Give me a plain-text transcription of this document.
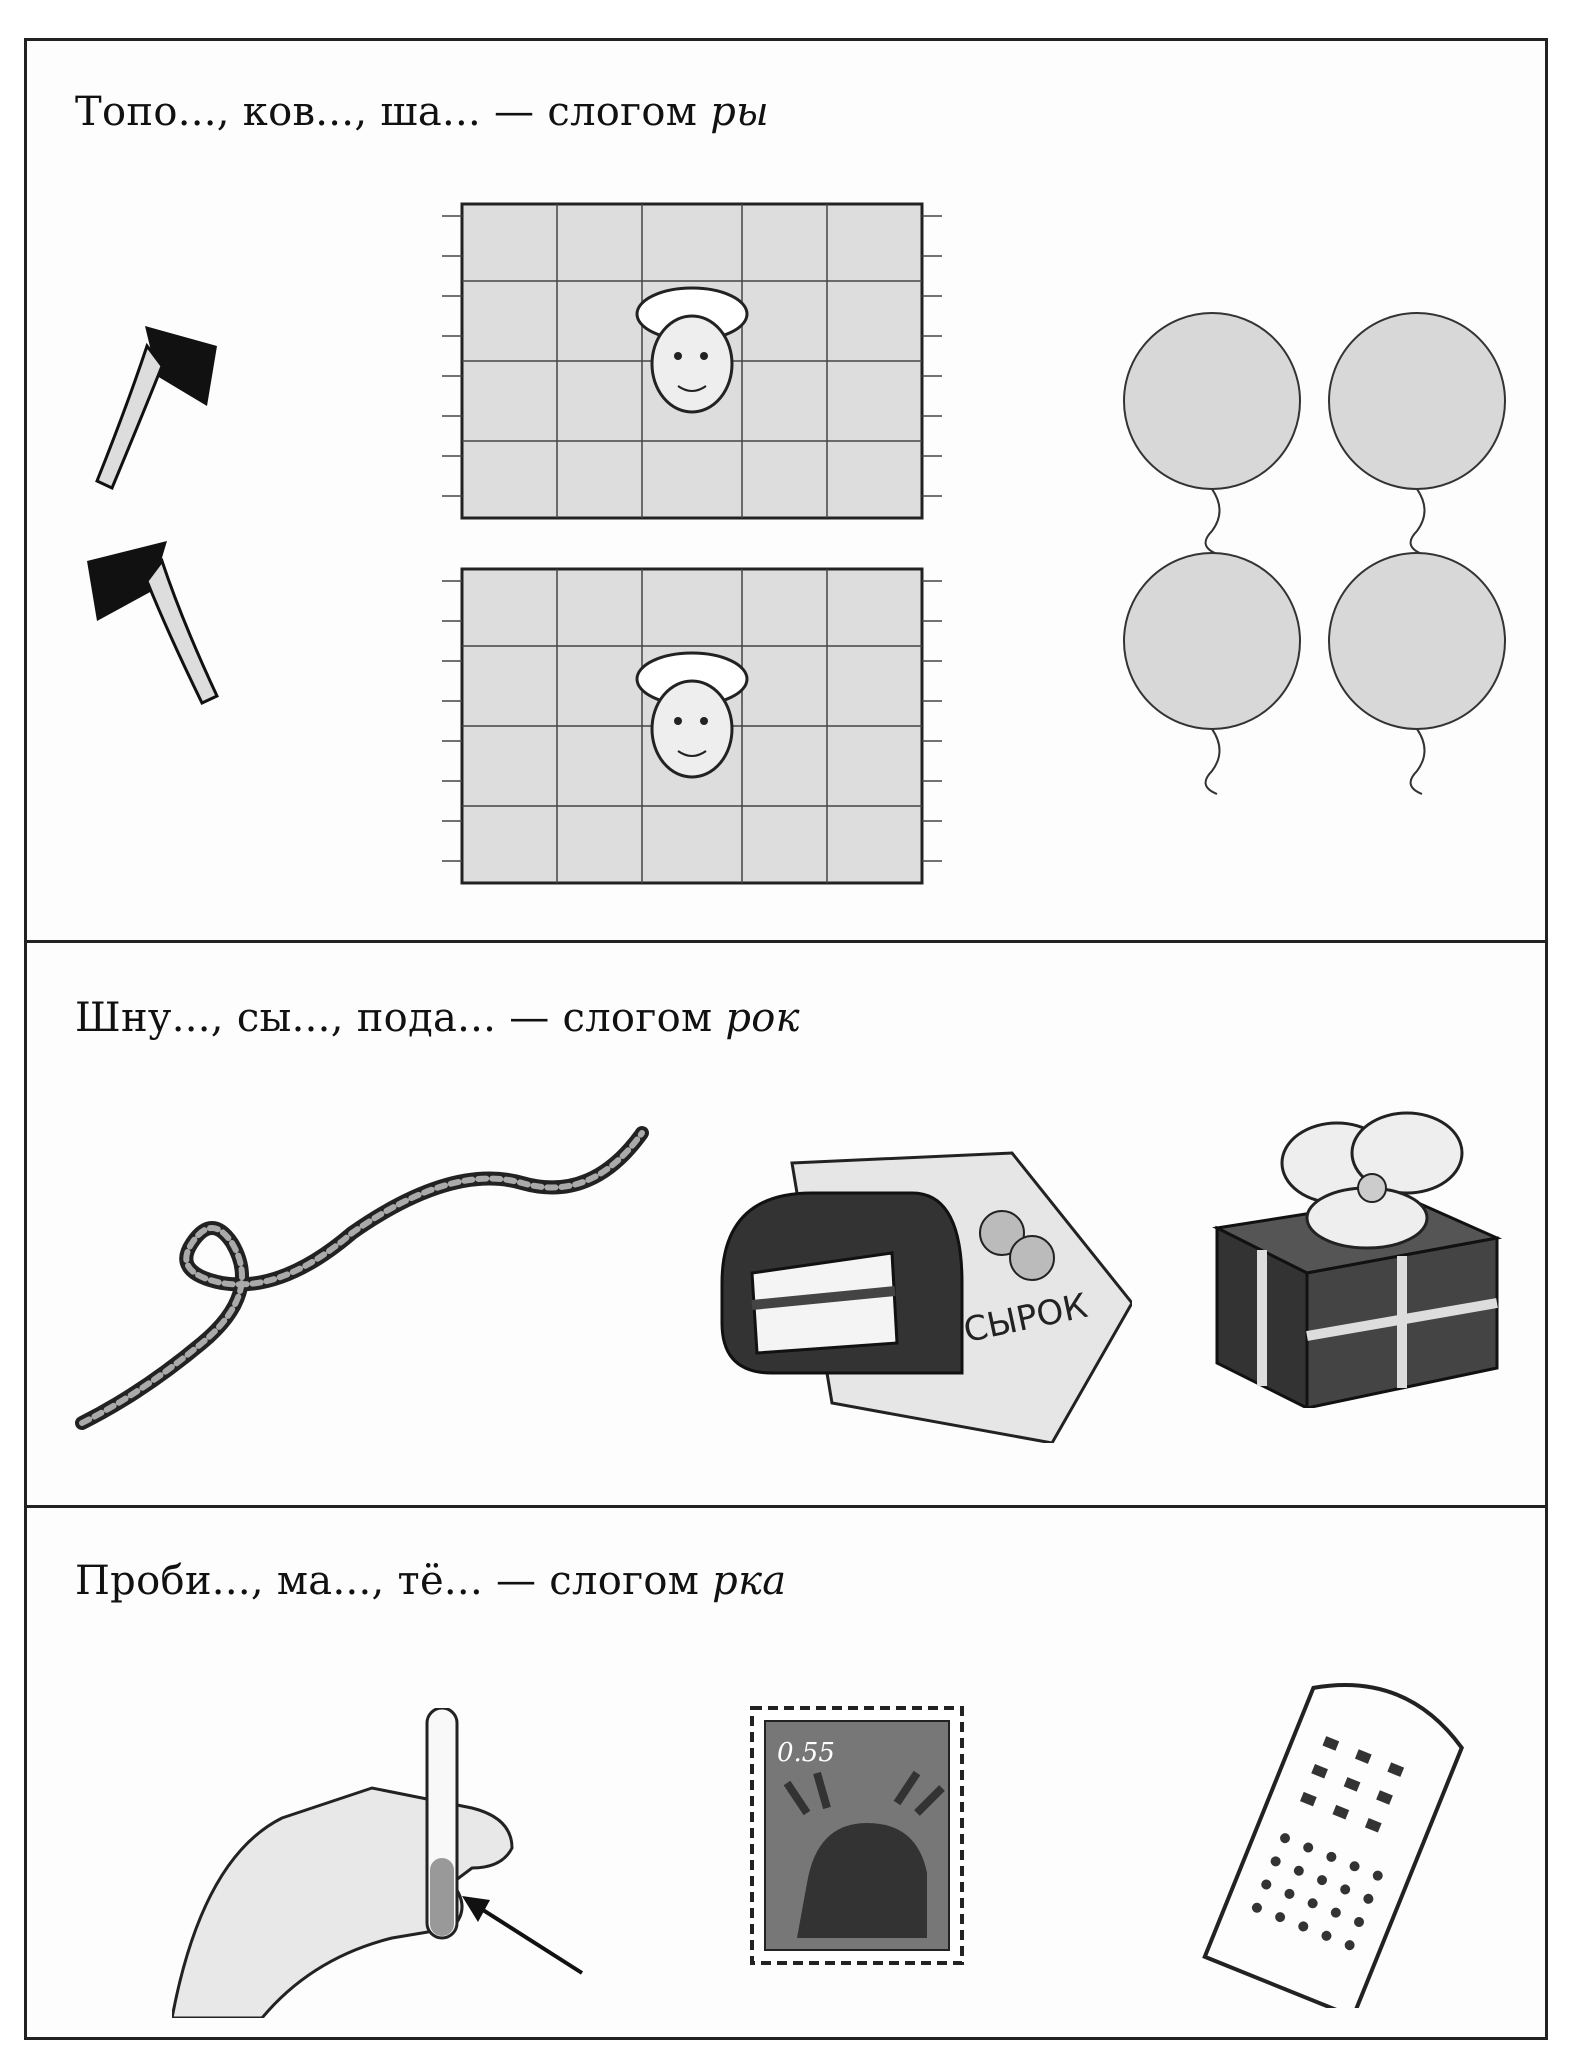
Топо..., ков..., ша... — слогом ры
Шну..., сы..., пода... — слогом рок
СЫРОК
Проби..., ма..., тё... — слогом рка
0.55
